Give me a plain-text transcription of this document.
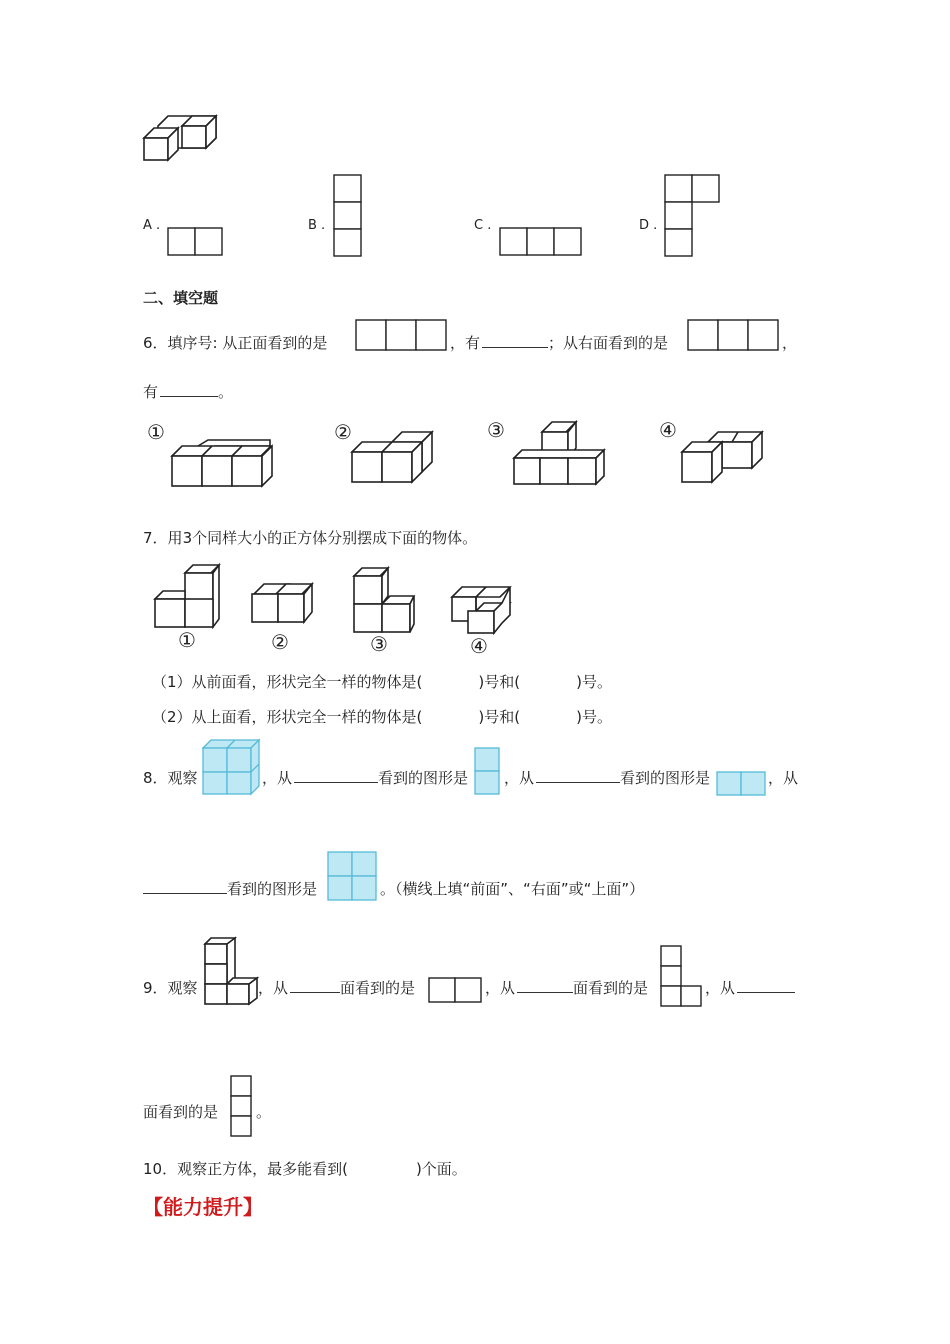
A .	B .	C .	D .
二、填空题
6．填序号: 从正面看到的是	，有	；从右面看到的是	，
有	。
①	②	③	④
7．用3个同样大小的正方体分别摆成下面的物体。
①	②	③	④
（1）从前面看，形状完全一样的物体是(	)号和(	)号。
（2）从上面看，形状完全一样的物体是(	)号和(	)号。
8．观察	，从	看到的图形是 ，从	看到的图形是	，从
看到的图形是	。（横线上填“前面”、“右面”或“上面”）
9．观察	，从	面看到的是	，从	面看到的是	，从
面看到的是	。
10．观察正方体，最多能看到(	)个面。
【能力提升】
